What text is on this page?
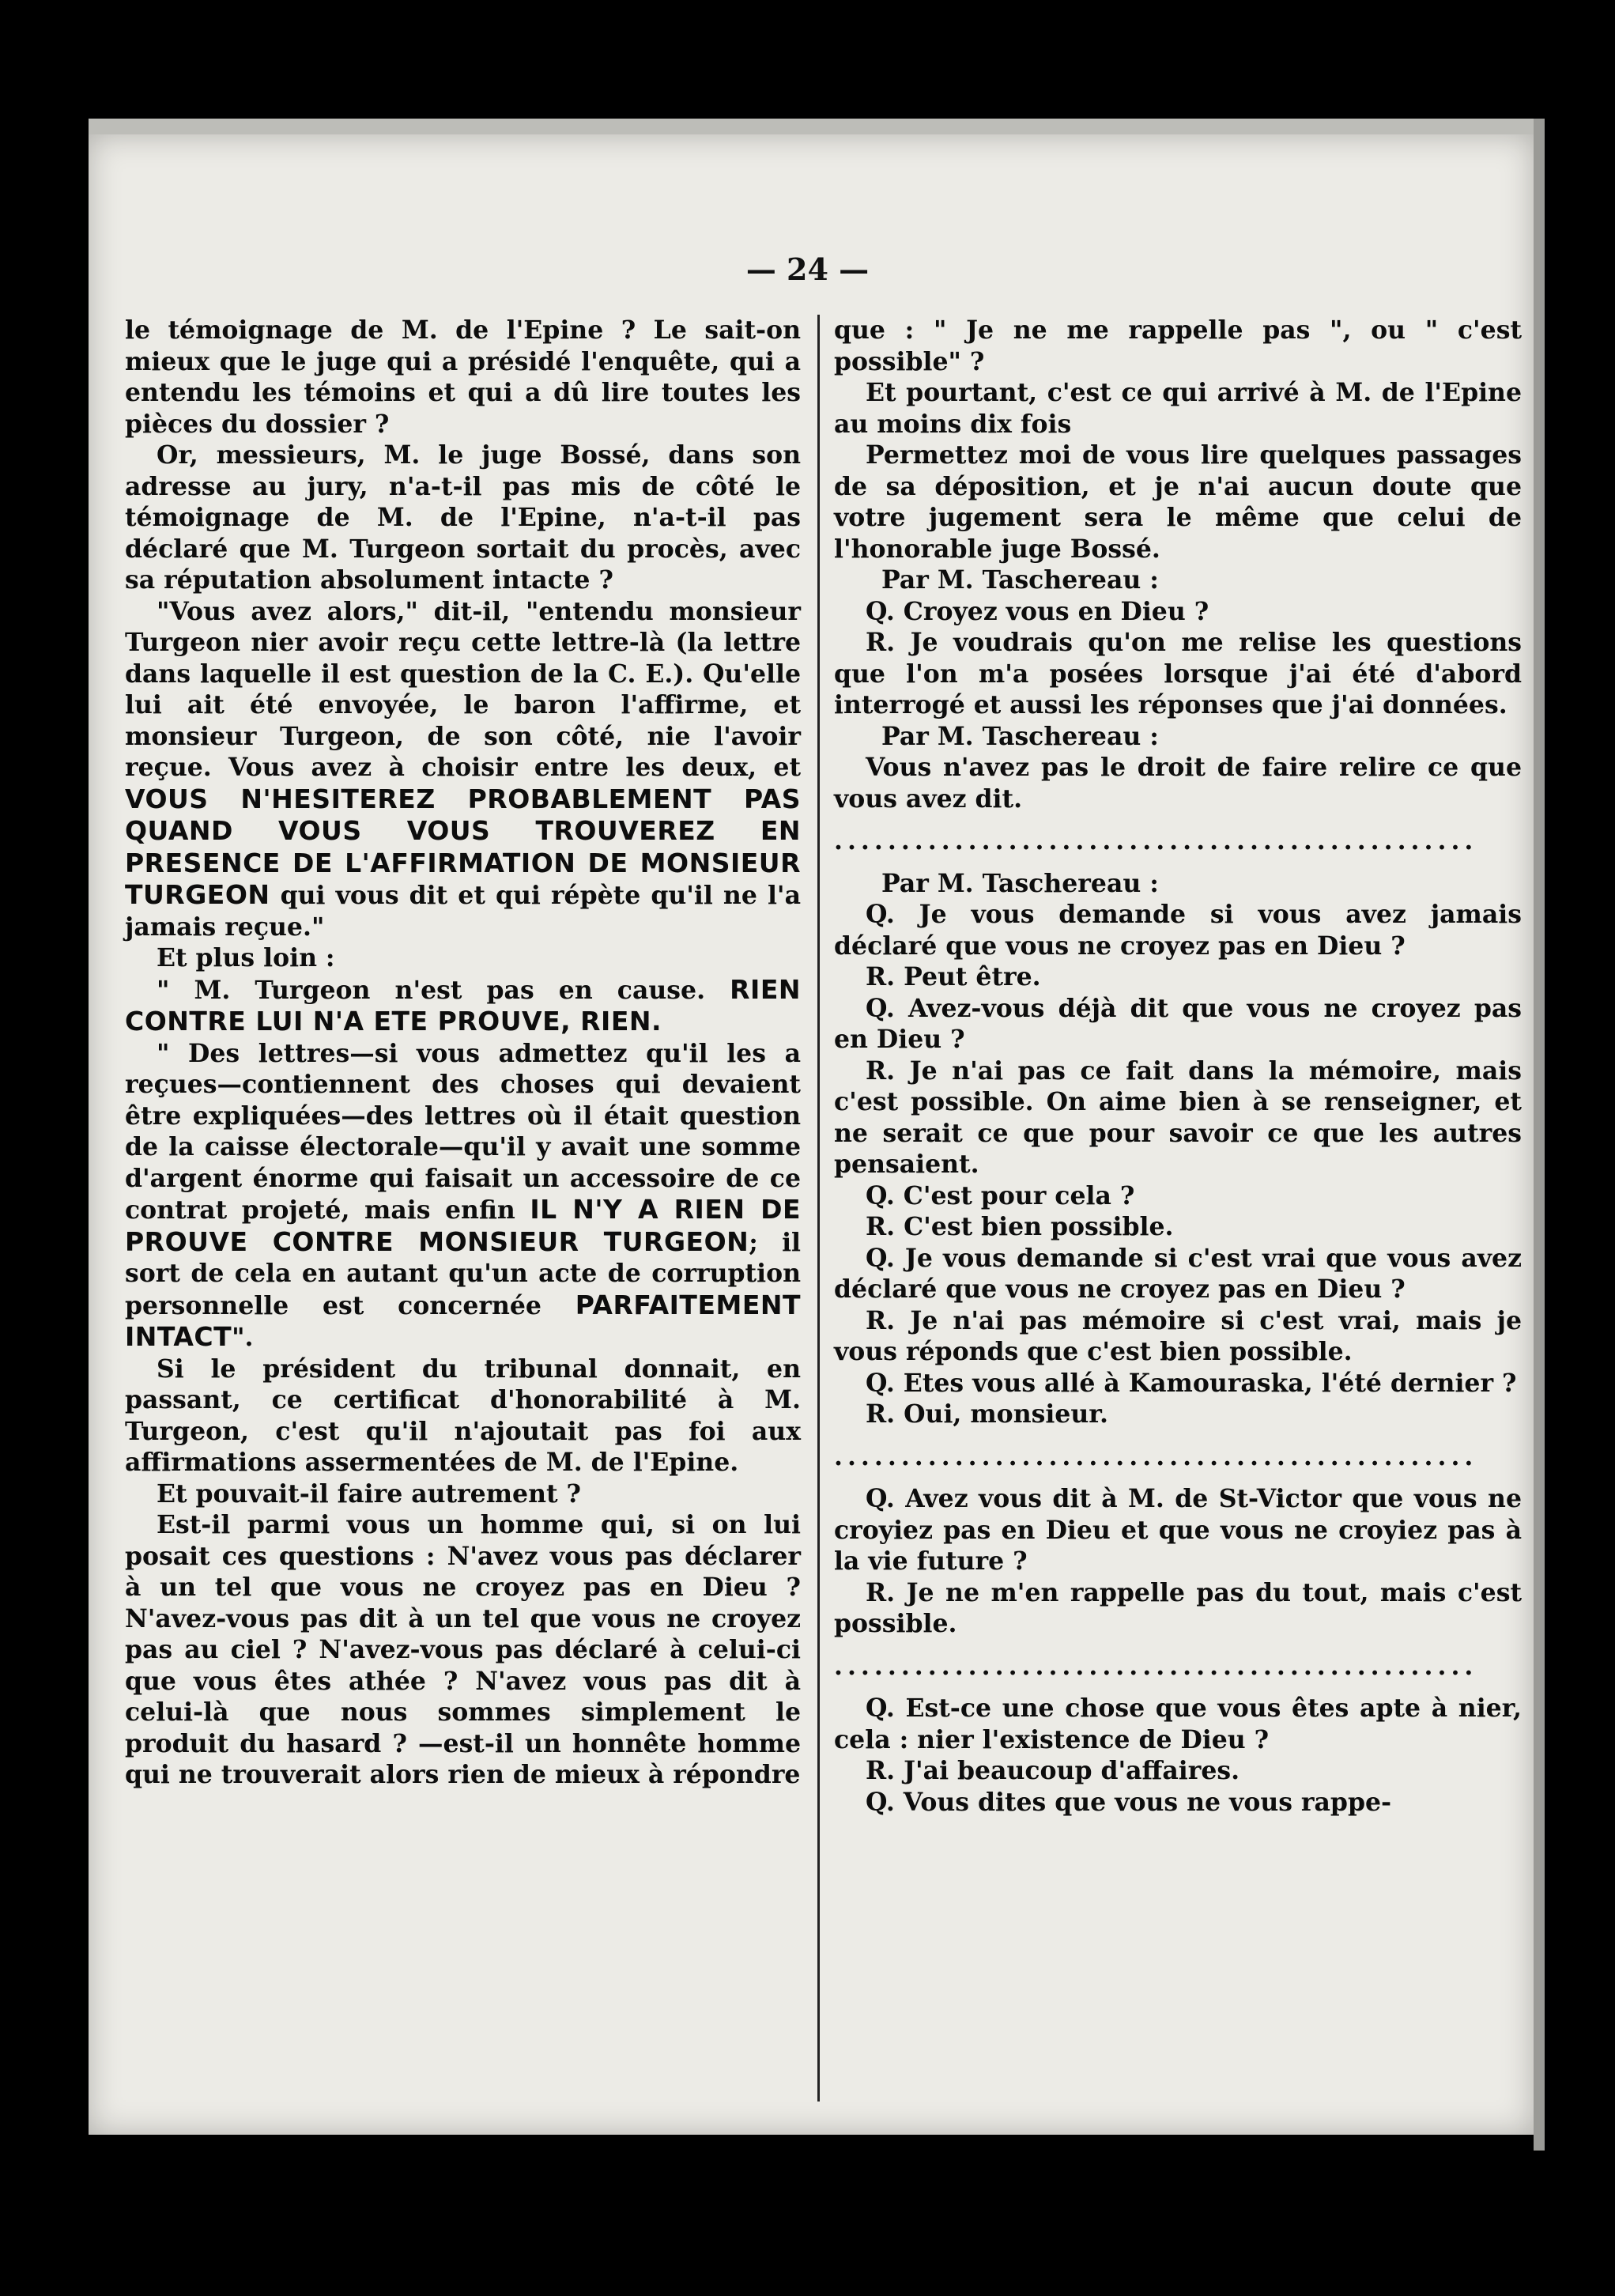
— 24 —

le témoignage de M. de l'Epine ? Le sait-on mieux que le juge qui a présidé l'enquête, qui a entendu les témoins et qui a dû lire toutes les pièces du dossier ?

Or, messieurs, M. le juge Bossé, dans son adresse au jury, n'a-t-il pas mis de côté le témoignage de M. de l'Epine, n'a-t-il pas déclaré que M. Turgeon sortait du procès, avec sa réputation absolument intacte ?

"Vous avez alors," dit-il, "entendu monsieur Turgeon nier avoir reçu cette lettre-là (la lettre dans laquelle il est question de la C. E.). Qu'elle lui ait été envoyée, le baron l'affirme, et monsieur Turgeon, de son côté, nie l'avoir reçue. Vous avez à choisir entre les deux, et VOUS N'HESITEREZ PROBABLEMENT PAS QUAND VOUS VOUS TROUVEREZ EN PRESENCE DE L'AFFIRMATION DE MONSIEUR TURGEON qui vous dit et qui répète qu'il ne l'a jamais reçue."

Et plus loin :

" M. Turgeon n'est pas en cause. RIEN CONTRE LUI N'A ETE PROUVE, RIEN.

" Des lettres—si vous admettez qu'il les a reçues—contiennent des choses qui devaient être expliquées—des lettres où il était question de la caisse électorale—qu'il y avait une somme d'argent énorme qui faisait un accessoire de ce contrat projeté, mais enfin IL N'Y A RIEN DE PROUVE CONTRE MONSIEUR TURGEON; il sort de cela en autant qu'un acte de corruption personnelle est concernée PARFAITEMENT INTACT".

Si le président du tribunal donnait, en passant, ce certificat d'honorabilité à M. Turgeon, c'est qu'il n'ajoutait pas foi aux affirmations assermentées de M. de l'Epine.

Et pouvait-il faire autrement ?

Est-il parmi vous un homme qui, si on lui posait ces questions : N'avez vous pas déclarer à un tel que vous ne croyez pas en Dieu ? N'avez-vous pas dit à un tel que vous ne croyez pas au ciel ? N'avez-vous pas déclaré à celui-ci que vous êtes athée ? N'avez vous pas dit à celui-là que nous sommes simplement le produit du hasard ? —est-il un honnête homme qui ne trouverait alors rien de mieux à répondre

que : " Je ne me rappelle pas ", ou " c'est possible" ?

Et pourtant, c'est ce qui arrivé à M. de l'Epine au moins dix fois

Permettez moi de vous lire quelques passages de sa déposition, et je n'ai aucun doute que votre jugement sera le même que celui de l'honorable juge Bossé.

Par M. Taschereau :

Q. Croyez vous en Dieu ?

R. Je voudrais qu'on me relise les questions que l'on m'a posées lorsque j'ai été d'abord interrogé et aussi les réponses que j'ai données.

Par M. Taschereau :

Vous n'avez pas le droit de faire relire ce que vous avez dit.

................................................

Par M. Taschereau :

Q. Je vous demande si vous avez jamais déclaré que vous ne croyez pas en Dieu ?

R. Peut être.

Q. Avez-vous déjà dit que vous ne croyez pas en Dieu ?

R. Je n'ai pas ce fait dans la mémoire, mais c'est possible. On aime bien à se renseigner, et ne serait ce que pour savoir ce que les autres pensaient.

Q. C'est pour cela ?

R. C'est bien possible.

Q. Je vous demande si c'est vrai que vous avez déclaré que vous ne croyez pas en Dieu ?

R. Je n'ai pas mémoire si c'est vrai, mais je vous réponds que c'est bien possible.

Q. Etes vous allé à Kamouraska, l'été dernier ?

R. Oui, monsieur.

................................................

Q. Avez vous dit à M. de St-Victor que vous ne croyiez pas en Dieu et que vous ne croyiez pas à la vie future ?

R. Je ne m'en rappelle pas du tout, mais c'est possible.

................................................

Q. Est-ce une chose que vous êtes apte à nier, cela : nier l'existence de Dieu ?

R. J'ai beaucoup d'affaires.

Q. Vous dites que vous ne vous rappe-
